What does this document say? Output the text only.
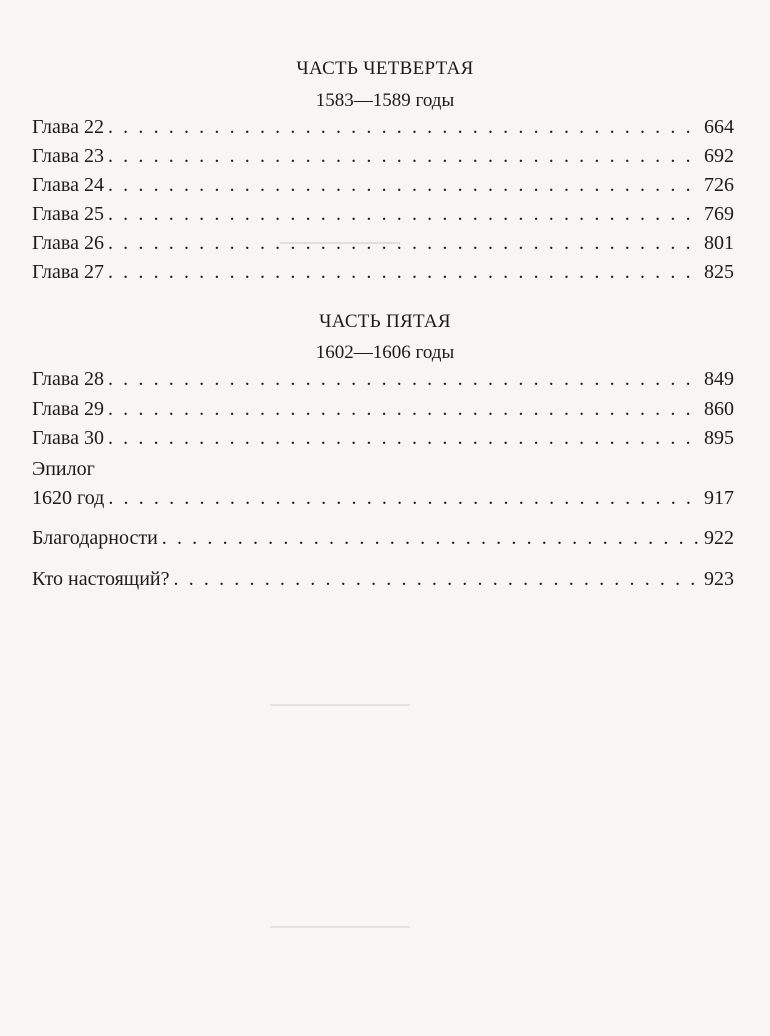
ЧАСТЬ ЧЕТВЕРТАЯ
1583—1589 годы
Глава 22 . . .	664
Глава 23 . . .	692
Глава 24 . . .	726
Глава 25 . . .	769
Глава 26 . . .	801
Глава 27 . . .	825
ЧАСТЬ ПЯТАЯ
1602—1606 годы
Глава 28 . . .	849
Глава 29 . . .	860
Глава 30 . . .	895
Эпилог
1620 год . . .	917
Благодарности . . .	922
Кто настоящий? . . .	923
